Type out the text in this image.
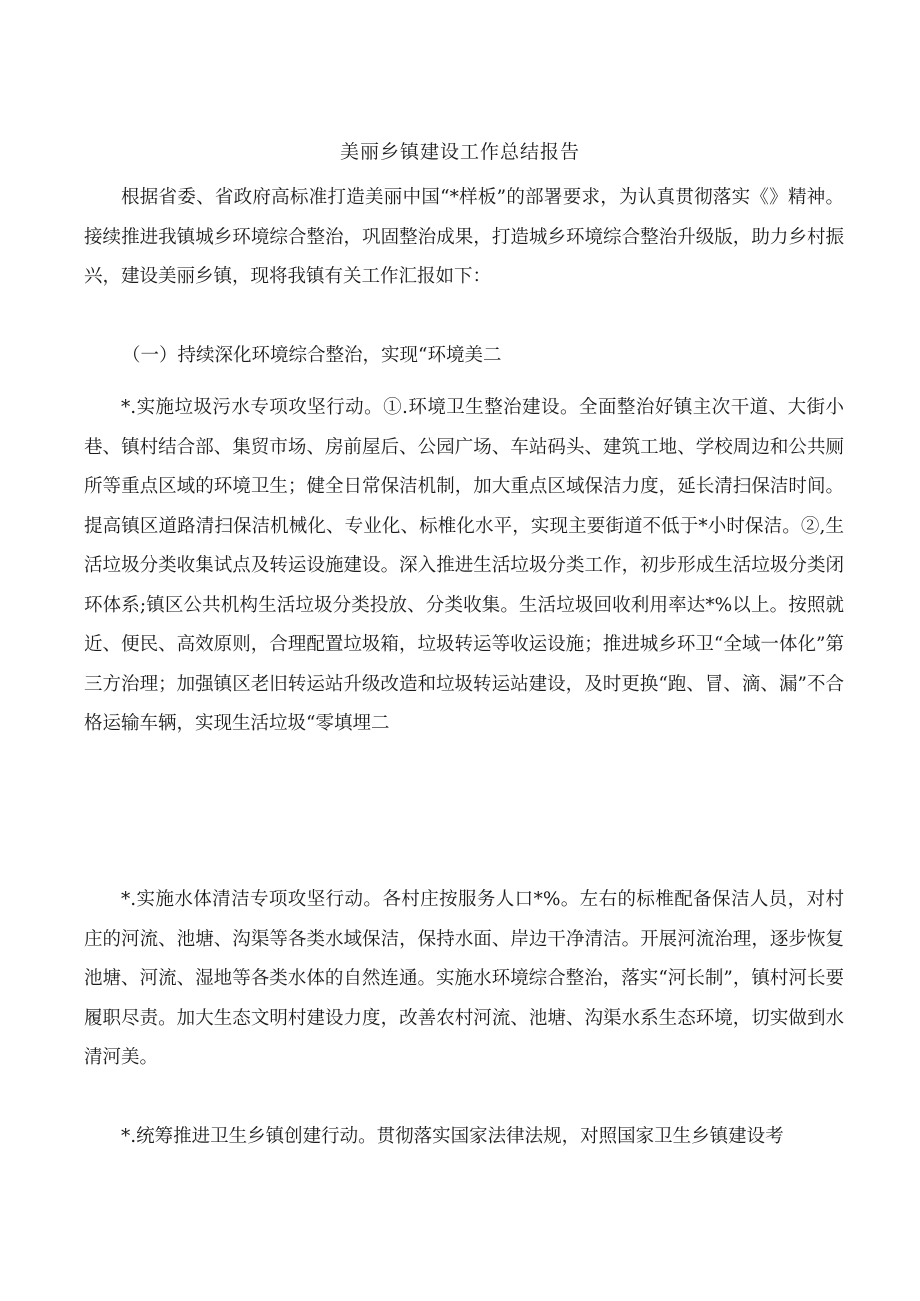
美丽乡镇建设工作总结报告

根据省委、省政府高标准打造美丽中国“*样板”的部署要求，为认真贯彻落实《》精神。接续推进我镇城乡环境综合整治，巩固整治成果，打造城乡环境综合整治升级版，助力乡村振兴，建设美丽乡镇，现将我镇有关工作汇报如下：

（一）持续深化环境综合整治，实现“环境美二

*.实施垃圾污水专项攻坚行动。①.环境卫生整治建设。全面整治好镇主次干道、大街小巷、镇村结合部、集贸市场、房前屋后、公园广场、车站码头、建筑工地、学校周边和公共厕所等重点区域的环境卫生；健全日常保洁机制，加大重点区域保洁力度，延长清扫保洁时间。提高镇区道路清扫保洁机械化、专业化、标椎化水平，实现主要街道不低于*小时保洁。②,生活垃圾分类收集试点及转运设施建设。深入推进生活垃圾分类工作，初步形成生活垃圾分类闭环体系;镇区公共机构生活垃圾分类投放、分类收集。生活垃圾回收利用率达*%以上。按照就近、便民、高效原则，合理配置垃圾箱，垃圾转运等收运设施；推进城乡环卫“全域一体化”第三方治理；加强镇区老旧转运站升级改造和垃圾转运站建设，及时更换“跑、冒、滴、漏”不合格运输车辆，实现生活垃圾“零填埋二

*.实施水体清洁专项攻坚行动。各村庄按服务人口*%。左右的标椎配备保洁人员，对村庄的河流、池塘、沟渠等各类水域保洁，保持水面、岸边干净清洁。开展河流治理，逐步恢复池塘、河流、湿地等各类水体的自然连通。实施水环境综合整治，落实“河长制”，镇村河长要履职尽责。加大生态文明村建设力度，改善农村河流、池塘、沟渠水系生态环境，切实做到水清河美。

*.统筹推进卫生乡镇创建行动。贯彻落实国家法律法规，对照国家卫生乡镇建设考
